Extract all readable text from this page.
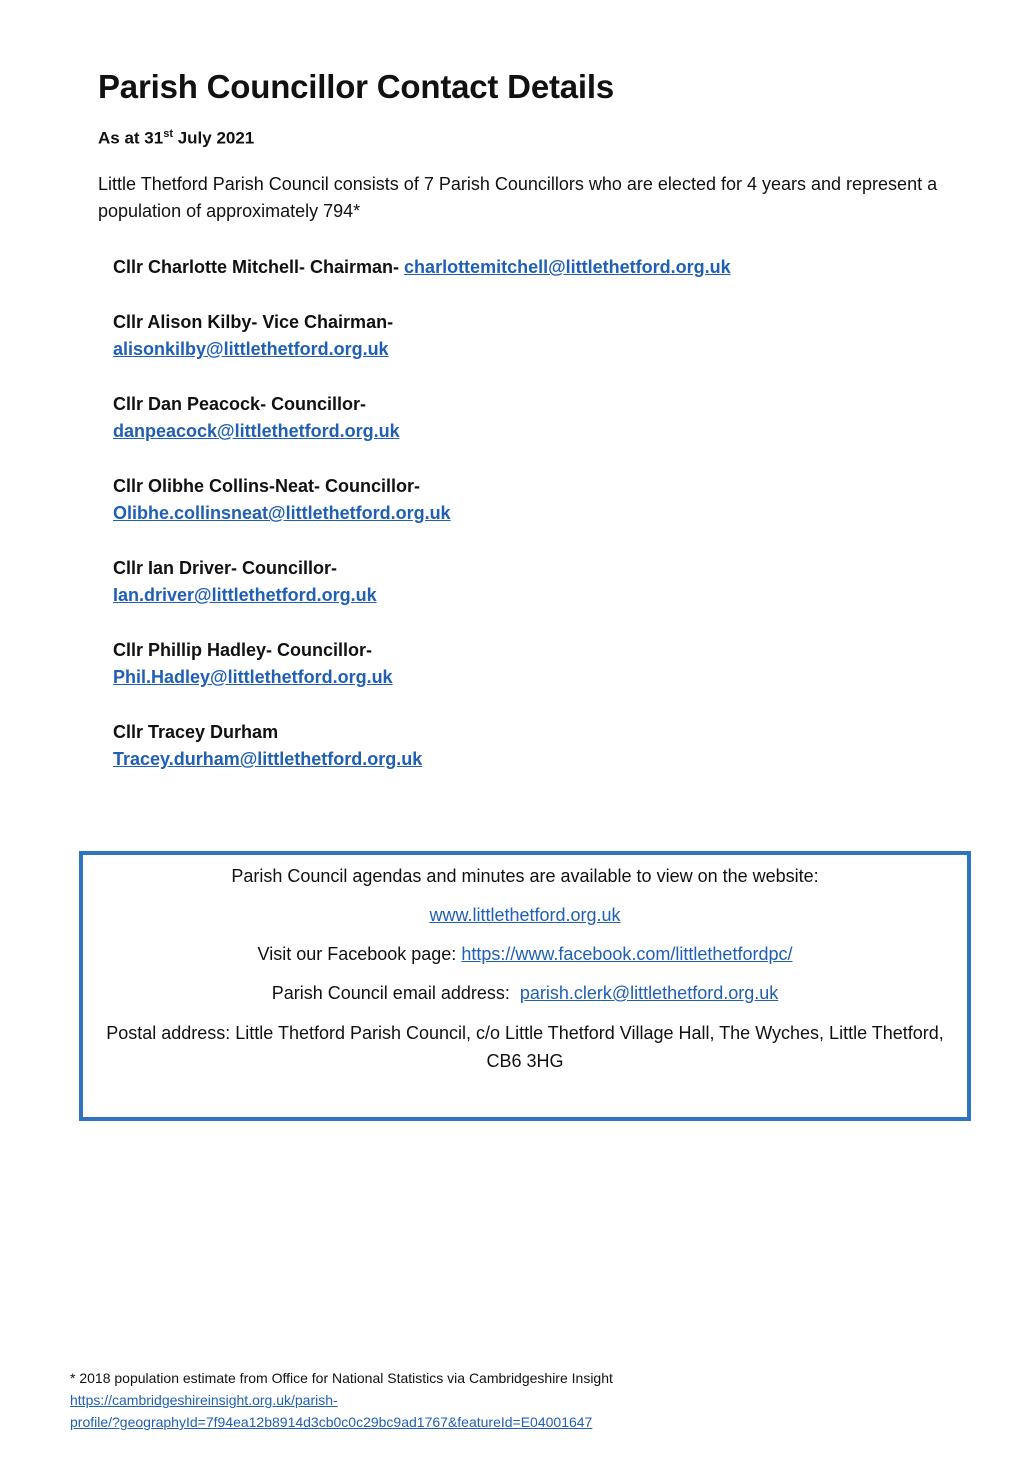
Parish Councillor Contact Details
As at 31st July 2021
Little Thetford Parish Council consists of 7 Parish Councillors who are elected for 4 years and represent a population of approximately 794*
Cllr Charlotte Mitchell- Chairman- charlottemitchell@littlethetford.org.uk
Cllr Alison Kilby- Vice Chairman-
alisonkilby@littlethetford.org.uk
Cllr Dan Peacock- Councillor-
danpeacock@littlethetford.org.uk
Cllr Olibhe Collins-Neat- Councillor-
Olibhe.collinsneat@littlethetford.org.uk
Cllr Ian Driver- Councillor-
Ian.driver@littlethetford.org.uk
Cllr Phillip Hadley- Councillor-
Phil.Hadley@littlethetford.org.uk
Cllr Tracey Durham
Tracey.durham@littlethetford.org.uk

Parish Council agendas and minutes are available to view on the website:

www.littlethetford.org.uk

Visit our Facebook page: https://www.facebook.com/littlethetfordpc/

Parish Council email address:  parish.clerk@littlethetford.org.uk

Postal address: Little Thetford Parish Council, c/o Little Thetford Village Hall, The Wyches, Little Thetford, CB6 3HG

* 2018 population estimate from Office for National Statistics via Cambridgeshire Insight
https://cambridgeshireinsight.org.uk/parish-
profile/?geographyId=7f94ea12b8914d3cb0c0c29bc9ad1767&featureId=E04001647
